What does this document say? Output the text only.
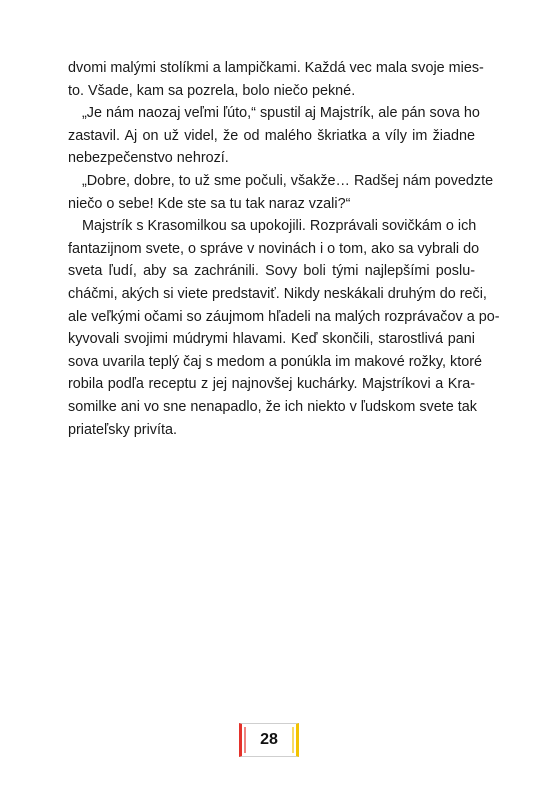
dvomi malými stolíkmi a lampičkami. Každá vec mala svoje mies-
to. Všade, kam sa pozrela, bolo niečo pekné.
„Je nám naozaj veľmi ľúto,“ spustil aj Majstrík, ale pán sova ho
zastavil. Aj on už videl, že od malého škriatka a víly im žiadne
nebezpečenstvo nehrozí.
„Dobre, dobre, to už sme počuli, všakže… Radšej nám povedzte
niečo o sebe! Kde ste sa tu tak naraz vzali?“
Majstrík s Krasomilkou sa upokojili. Rozprávali sovičkám o ich
fantazijnom svete, o správe v novinách i o tom, ako sa vybrali do
sveta ľudí, aby sa zachránili. Sovy boli tými najlepšími poslu-
cháčmi, akých si viete predstaviť. Nikdy neskákali druhým do reči,
ale veľkými očami so záujmom hľadeli na malých rozprávačov a po-
kyvovali svojimi múdrymi hlavami. Keď skončili, starostlivá pani
sova uvarila teplý čaj s medom a ponúkla im makové rožky, ktoré
robila podľa receptu z jej najnovšej kuchárky. Majstríkovi a Kra-
somilke ani vo sne nenapadlo, že ich niekto v ľudskom svete tak
priateľsky privíta.
28
